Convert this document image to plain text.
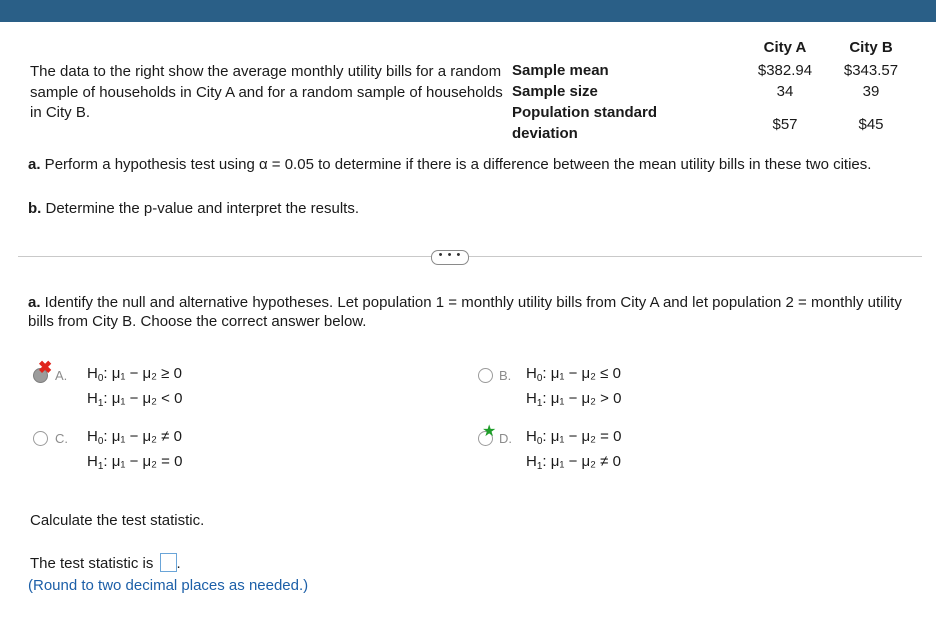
The data to the right show the average monthly utility bills for a random sample of households in City A and for a random sample of households in City B.
City A	City B
Sample mean	$382.94	$343.57
Sample size	34	39
Population standard
deviation
$57	$45
a. Perform a hypothesis test using α = 0.05 to determine if there is a difference between the mean utility bills in these two cities.
b. Determine the p-value and interpret the results.
• • •
a. Identify the null and alternative hypotheses. Let population 1 = monthly utility bills from City A and let population 2 = monthly utility bills from City B. Choose the correct answer below.
✖ A. $H_0$: μ₁ − μ₂ ≥ 0
$H_1$: μ₁ − μ₂ < 0
B. $H_0$: μ₁ − μ₂ ≤ 0
$H_1$: μ₁ − μ₂ > 0
C. $H_0$: μ₁ − μ₂ ≠ 0
$H_1$: μ₁ − μ₂ = 0
★ D. $H_0$: μ₁ − μ₂ = 0
$H_1$: μ₁ − μ₂ ≠ 0
Calculate the test statistic.
The test statistic is .
(Round to two decimal places as needed.)
